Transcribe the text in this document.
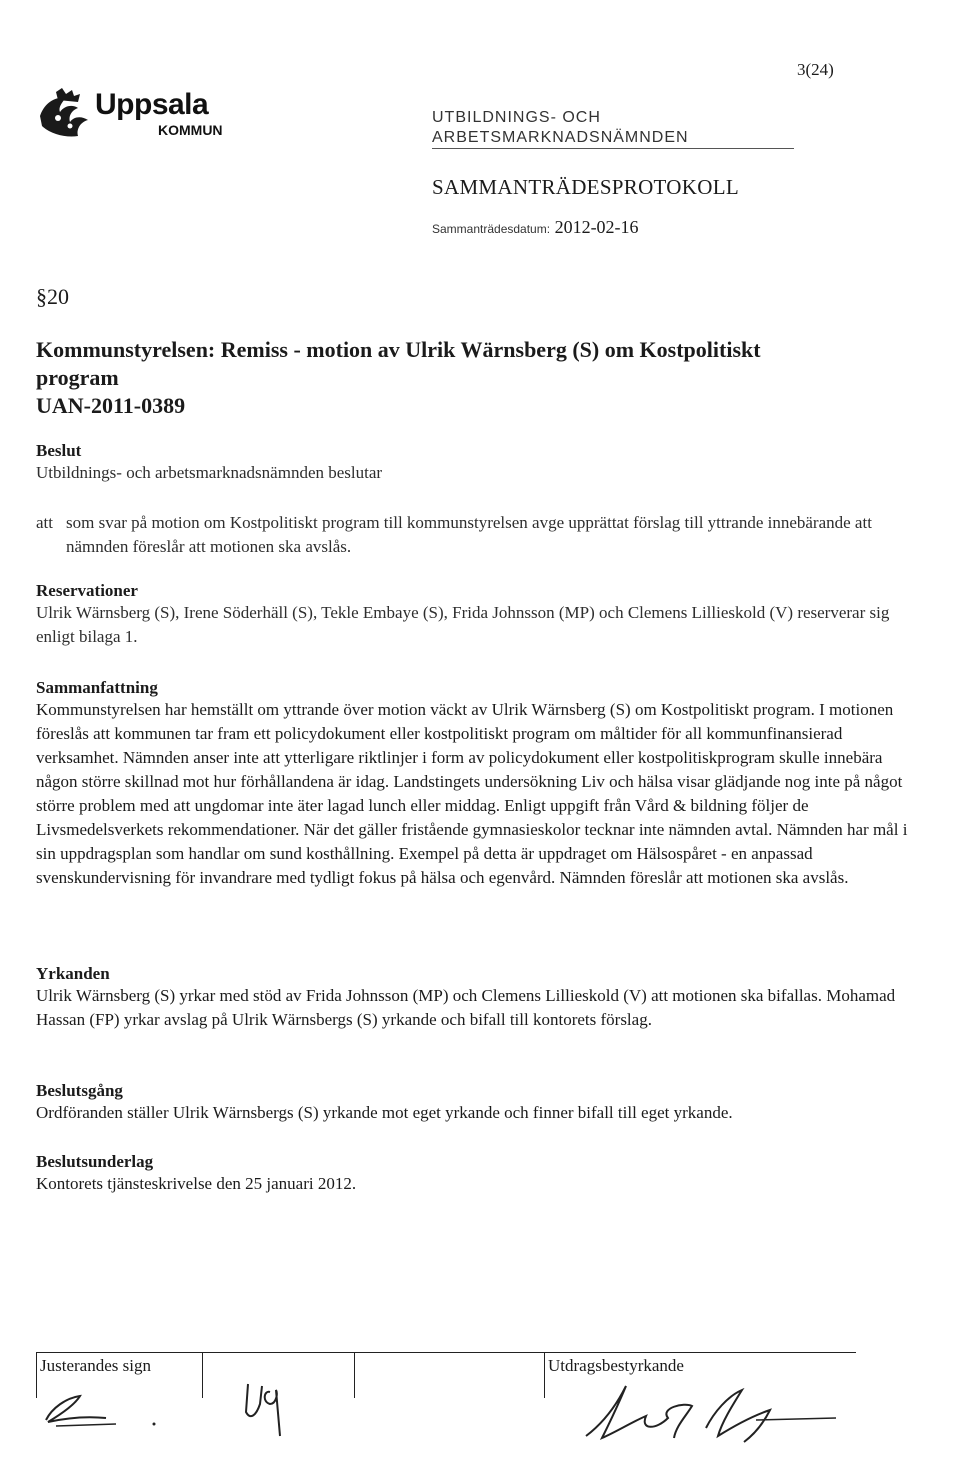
3(24)
Uppsala
KOMMUN
UTBILDNINGS- OCH
ARBETSMARKNADSNÄMNDEN
SAMMANTRÄDESPROTOKOLL
Sammanträdesdatum: 2012-02-16
§20
Kommunstyrelsen: Remiss - motion av Ulrik Wärnsberg (S) om Kostpolitiskt
program
UAN-2011-0389
Beslut
Utbildnings- och arbetsmarknadsnämnden beslutar
att som svar på motion om Kostpolitiskt program till kommunstyrelsen avge upprättat förslag till yttrande innebärande att nämnden föreslår att motionen ska avslås.
Reservationer
Ulrik Wärnsberg (S), Irene Söderhäll (S), Tekle Embaye (S), Frida Johnsson (MP) och Clemens Lillieskold (V) reserverar sig enligt bilaga 1.
Sammanfattning
Kommunstyrelsen har hemställt om yttrande över motion väckt av Ulrik Wärnsberg (S) om Kostpolitiskt program. I motionen föreslås att kommunen tar fram ett policydokument eller kostpolitiskt program om måltider för all kommunfinansierad verksamhet. Nämnden anser inte att ytterligare riktlinjer i form av policydokument eller kostpolitiskprogram skulle innebära någon större skillnad mot hur förhållandena är idag. Landstingets undersökning Liv och hälsa visar glädjande nog inte på något större problem med att ungdomar inte äter lagad lunch eller middag. Enligt uppgift från Vård & bildning följer de Livsmedelsverkets rekommendationer. När det gäller fristående gymnasieskolor tecknar inte nämnden avtal. Nämnden har mål i sin uppdragsplan som handlar om sund kosthållning. Exempel på detta är uppdraget om Hälsospåret - en anpassad svenskundervisning för invandrare med tydligt fokus på hälsa och egenvård. Nämnden föreslår att motionen ska avslås.
Yrkanden
Ulrik Wärnsberg (S) yrkar med stöd av Frida Johnsson (MP) och Clemens Lillieskold (V) att motionen ska bifallas. Mohamad Hassan (FP) yrkar avslag på Ulrik Wärnsbergs (S) yrkande och bifall till kontorets förslag.
Beslutsgång
Ordföranden ställer Ulrik Wärnsbergs (S) yrkande mot eget yrkande och finner bifall till eget yrkande.
Beslutsunderlag
Kontorets tjänsteskrivelse den 25 januari 2012.
Justerandes sign	Utdragsbestyrkande
